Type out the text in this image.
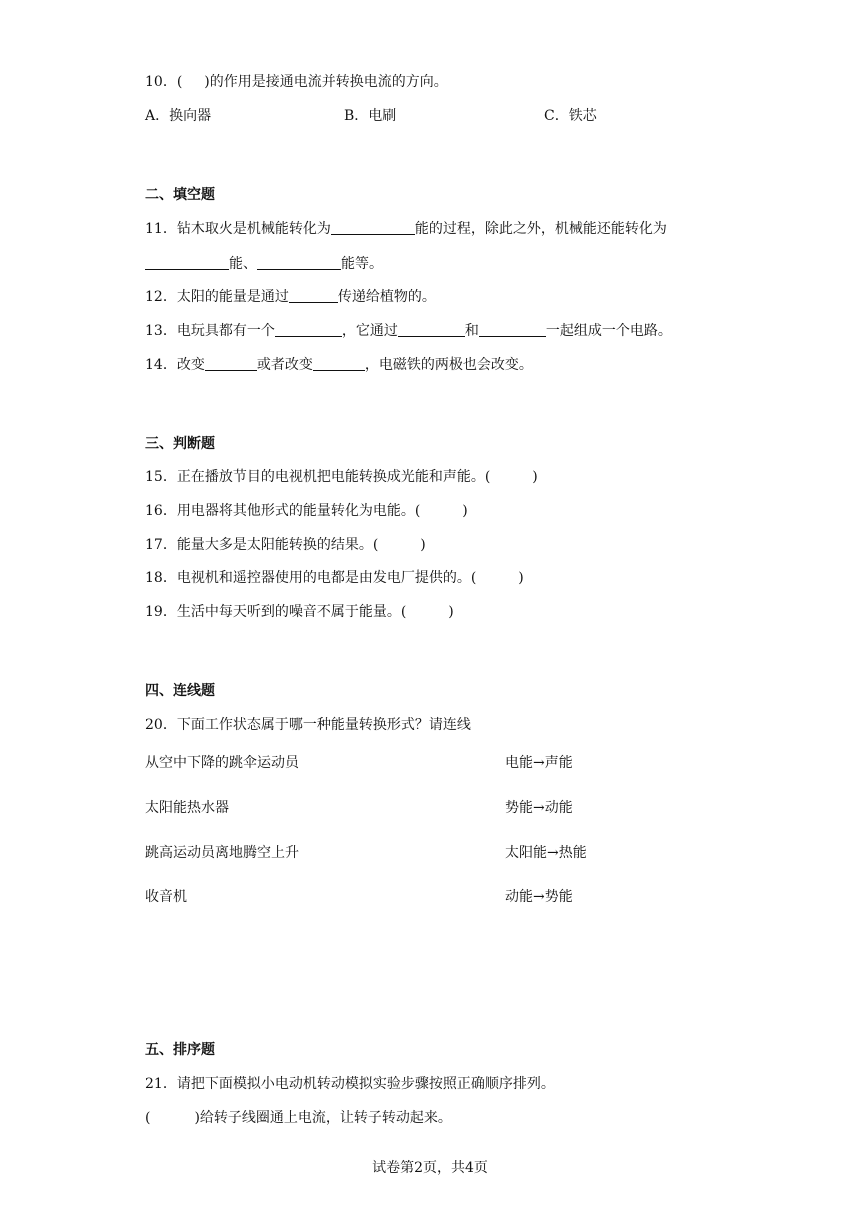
10．( )的作用是接通电流并转换电流的方向。
A．换向器	B．电刷	C．铁芯
二、填空题
11．钻木取火是机械能转化为	能的过程，除此之外，机械能还能转化为
能、	能等。
12．太阳的能量是通过	传递给植物的。
13．电玩具都有一个	，它通过	和	一起组成一个电路。
14．改变	或者改变	，电磁铁的两极也会改变。
三、判断题
15．正在播放节目的电视机把电能转换成光能和声能。(	)
16．用电器将其他形式的能量转化为电能。(	)
17．能量大多是太阳能转换的结果。(	)
18．电视机和遥控器使用的电都是由发电厂提供的。(	)
19．生活中每天听到的噪音不属于能量。(	)
四、连线题
20．下面工作状态属于哪一种能量转换形式？请连线
从空中下降的跳伞运动员	电能→声能
太阳能热水器	势能→动能
跳高运动员离地腾空上升	太阳能→热能
收音机	动能→势能
五、排序题
21．请把下面模拟小电动机转动模拟实验步骤按照正确顺序排列。
(	)给转子线圈通上电流，让转子转动起来。
试卷第2页，共4页
